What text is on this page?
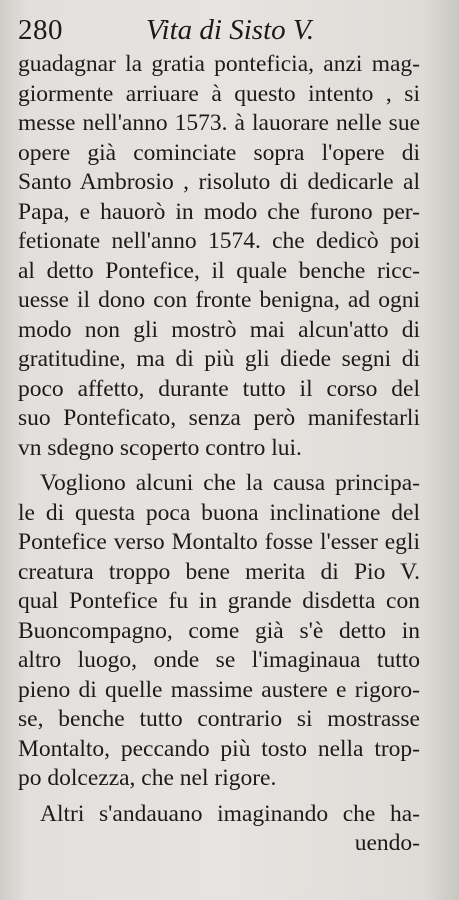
280	Vita di Sisto V.
guadagnar la gratia ponteficia, anzi mag-
giormente arriuare à questo intento , si
messe nell'anno 1573. à lauorare nelle sue
opere già cominciate sopra l'opere di
Santo Ambrosio , risoluto di dedicarle al
Papa, e hauorò in modo che furono per-
fetionate nell'anno 1574. che dedicò poi
al detto Pontefice, il quale benche ricc-
uesse il dono con fronte benigna, ad ogni
modo non gli mostrò mai alcun'atto di
gratitudine, ma di più gli diede segni di
poco affetto, durante tutto il corso del
suo Ponteficato, senza però manifestarli
vn sdegno scoperto contro lui.
Vogliono alcuni che la causa principa-
le di questa poca buona inclinatione del
Pontefice verso Montalto fosse l'esser egli
creatura troppo bene merita di Pio V.
qual Pontefice fu in grande disdetta con
Buoncompagno, come già s'è detto in
altro luogo, onde se l'imaginaua tutto
pieno di quelle massime austere e rigoro-
se, benche tutto contrario si mostrasse
Montalto, peccando più tosto nella trop-
po dolcezza, che nel rigore.
Altri s'andauano imaginando che ha-
uendo-
